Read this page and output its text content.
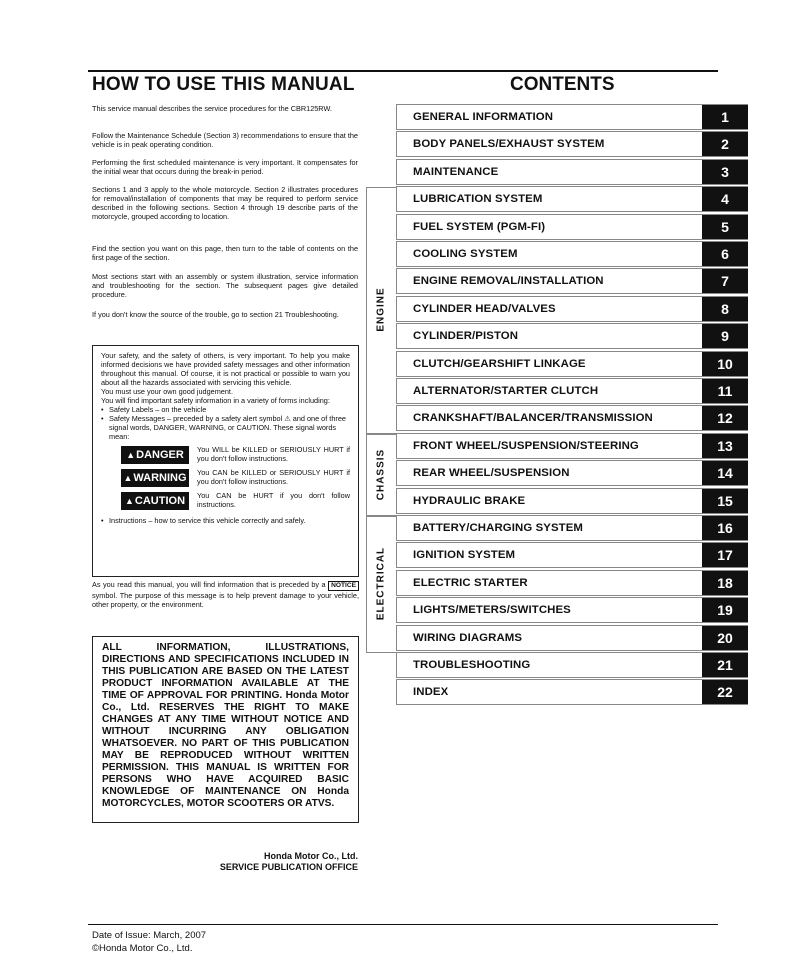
HOW TO USE THIS MANUAL	CONTENTS

This service manual describes the service procedures for the CBR125RW.

Follow the Maintenance Schedule (Section 3) recommendations to ensure that the vehicle is in peak operating condition.

Performing the first scheduled maintenance is very important. It compensates for the initial wear that occurs during the break-in period.

Sections 1 and 3 apply to the whole motorcycle. Section 2 illustrates procedures for removal/installation of components that may be required to perform service described in the following sections. Section 4 through 19 describe parts of the motorcycle, grouped according to location.

Find the section you want on this page, then turn to the table of contents on the first page of the section.

Most sections start with an assembly or system illustration, service information and troubleshooting for the section. The subsequent pages give detailed procedure.

If you don't know the source of the trouble, go to section 21 Troubleshooting.

Your safety, and the safety of others, is very important. To help you make informed decisions we have provided safety messages and other information throughout this manual. Of course, it is not practical or possible to warn you about all the hazards associated with servicing this vehicle.

You must use your own good judgement.

You will find important safety information in a variety of forms including:

• Safety Labels – on the vehicle
• Safety Messages – preceded by a safety alert symbol ⚠ and one of three signal words, DANGER, WARNING, or CAUTION. These signal words mean:
▲ DANGER You WILL be KILLED or SERIOUSLY HURT if you don't follow instructions.
▲ WARNING You CAN be KILLED or SERIOUSLY HURT if you don't follow instructions.
▲ CAUTION You CAN be HURT if you don't follow instructions.
• Instructions – how to service this vehicle correctly and safely.

As you read this manual, you will find information that is preceded by a NOTICE symbol. The purpose of this message is to help prevent damage to your vehicle, other property, or the environment.

ALL INFORMATION, ILLUSTRATIONS, DIRECTIONS AND SPECIFICATIONS INCLUDED IN THIS PUBLICATION ARE BASED ON THE LATEST PRODUCT INFORMATION AVAILABLE AT THE TIME OF APPROVAL FOR PRINTING. Honda Motor Co., Ltd. RESERVES THE RIGHT TO MAKE CHANGES AT ANY TIME WITHOUT NOTICE AND WITHOUT INCURRING ANY OBLIGATION WHATSOEVER. NO PART OF THIS PUBLICATION MAY BE REPRODUCED WITHOUT WRITTEN PERMISSION. THIS MANUAL IS WRITTEN FOR PERSONS WHO HAVE ACQUIRED BASIC KNOWLEDGE OF MAINTENANCE ON Honda MOTORCYCLES, MOTOR SCOOTERS OR ATVS.
Honda Motor Co., Ltd.
SERVICE PUBLICATION OFFICE
Date of Issue: March, 2007
©Honda Motor Co., Ltd.
ENGINE
CHASSIS
ELECTRICAL
GENERAL INFORMATION	1
BODY PANELS/EXHAUST SYSTEM	2
MAINTENANCE	3
LUBRICATION SYSTEM	4
FUEL SYSTEM (PGM-FI)	5
COOLING SYSTEM	6
ENGINE REMOVAL/INSTALLATION	7
CYLINDER HEAD/VALVES	8
CYLINDER/PISTON	9
CLUTCH/GEARSHIFT LINKAGE	10
ALTERNATOR/STARTER CLUTCH	11
CRANKSHAFT/BALANCER/TRANSMISSION	12
FRONT WHEEL/SUSPENSION/STEERING	13
REAR WHEEL/SUSPENSION	14
HYDRAULIC BRAKE	15
BATTERY/CHARGING SYSTEM	16
IGNITION SYSTEM	17
ELECTRIC STARTER	18
LIGHTS/METERS/SWITCHES	19
WIRING DIAGRAMS	20
TROUBLESHOOTING	21
INDEX	22
